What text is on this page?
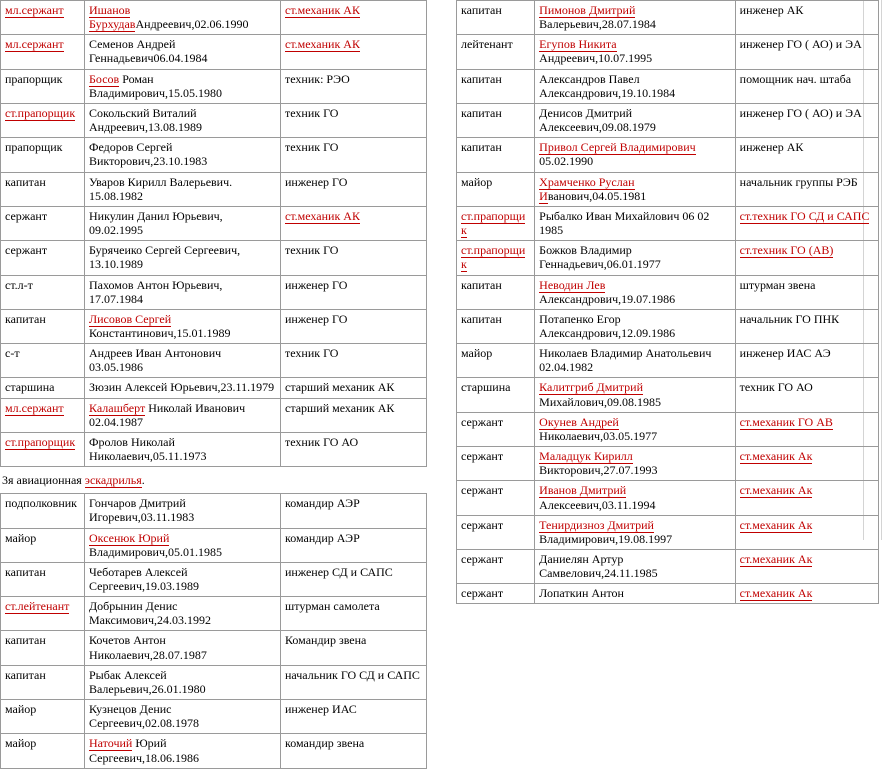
мл.сержант	Ишанов БурхудавАндреевич,02.06.1990	ст.механик АК
мл.сержант	Семенов Андрей Геннадьевич06.04.1984	ст.механик АК
прапорщик	Босов Роман Владимирович,15.05.1980	техник: РЭО
ст.прапорщик	Сокольский Виталий Андреевич,13.08.1989	техник ГО
прапорщик	Федоров Сергей Викторович,23.10.1983	техник ГО
капитан	Уваров Кирилл Валерьевич. 15.08.1982	инженер ГО
сержант	Никулин Данил Юрьевич, 09.02.1995	ст.механик АК
сержант	Бурячеико Сергей Сергеевич, 13.10.1989	техник ГО
ст.л-т	Пахомов Антон Юрьевич, 17.07.1984	инженер ГО
капитан	Лисовов Сергей Константинович,15.01.1989	инженер ГО
с-т	Андреев Иван Антонович 03.05.1986	техник ГО
старшина	Зюзин Алексей Юрьевич,23.11.1979	старший механик АК
мл.сержант	Калашберт Николай Иванович 02.04.1987	старший механик АК
ст.прапорщик	Фролов Николай Николаевич,05.11.1973	техник ГО АО
3я авиационная эскадрилья.
подполковник	Гончаров Дмитрий Игоревич,03.11.1983	командир АЭР
майор	Оксенюк Юрий Владимирович,05.01.1985	командир АЭР
капитан	Чеботарев Алексей Сергеевич,19.03.1989	инженер СД и САПС
ст.лейтенант	Добрынин Денис Максимович,24.03.1992	штурман самолета
капитан	Кочетов Антон Николаевич,28.07.1987	Командир звена
капитан	Рыбак Алексей Валерьевич,26.01.1980	начальник ГО СД и САПС
майор	Кузнецов Денис Сергеевич,02.08.1978	инженер ИАС
майор	Наточий Юрий Сергеевич,18.06.1986	командир звена
капитан	Пимонов Дмитрий Валерьевич,28.07.1984	инженер АК
лейтенант	Егупов Никита Андреевич,10.07.1995	инженер ГО ( АО) и ЭА
капитан	Александров Павел Александрович,19.10.1984	помощник нач. штаба
капитан	Денисов Дмитрий Алексеевич,09.08.1979	инженер ГО ( АО) и ЭА
капитан	Привол Сергей Владимирович 05.02.1990	инженер АК
майор	Храмченко Руслан Иванович,04.05.1981	начальник группы РЭБ
ст.прапорщик	Рыбалко Иван Михайлович 06 02 1985	ст.техник ГО СД и САПС
ст.прапорщик	Божков Владимир Геннадьевич,06.01.1977	ст.техник ГО (АВ)
капитан	Неводин Лев Александрович,19.07.1986	штурман звена
капитан	Потапенко Егор Александрович,12.09.1986	начальник ГО ПНК
майор	Николаев Владимир Анатольевич 02.04.1982	инженер ИАС АЭ
старшина	Калитгриб Дмитрий Михайлович,09.08.1985	техник ГО АО
сержант	Окунев Андрей Николаевич,03.05.1977	ст.механик ГО АВ
сержант	Маладцук Кирилл Викторович,27.07.1993	ст.механик Ак
сержант	Иванов Дмитрий Алексеевич,03.11.1994	ст.механик Ак
сержант	Тенирдизноз Дмитрий Владимирович,19.08.1997	ст.механик Ак
сержант	Даниелян Артур Самвелович,24.11.1985	ст.механик Ак
сержант	Лопаткин Антон	ст.механик Ак
